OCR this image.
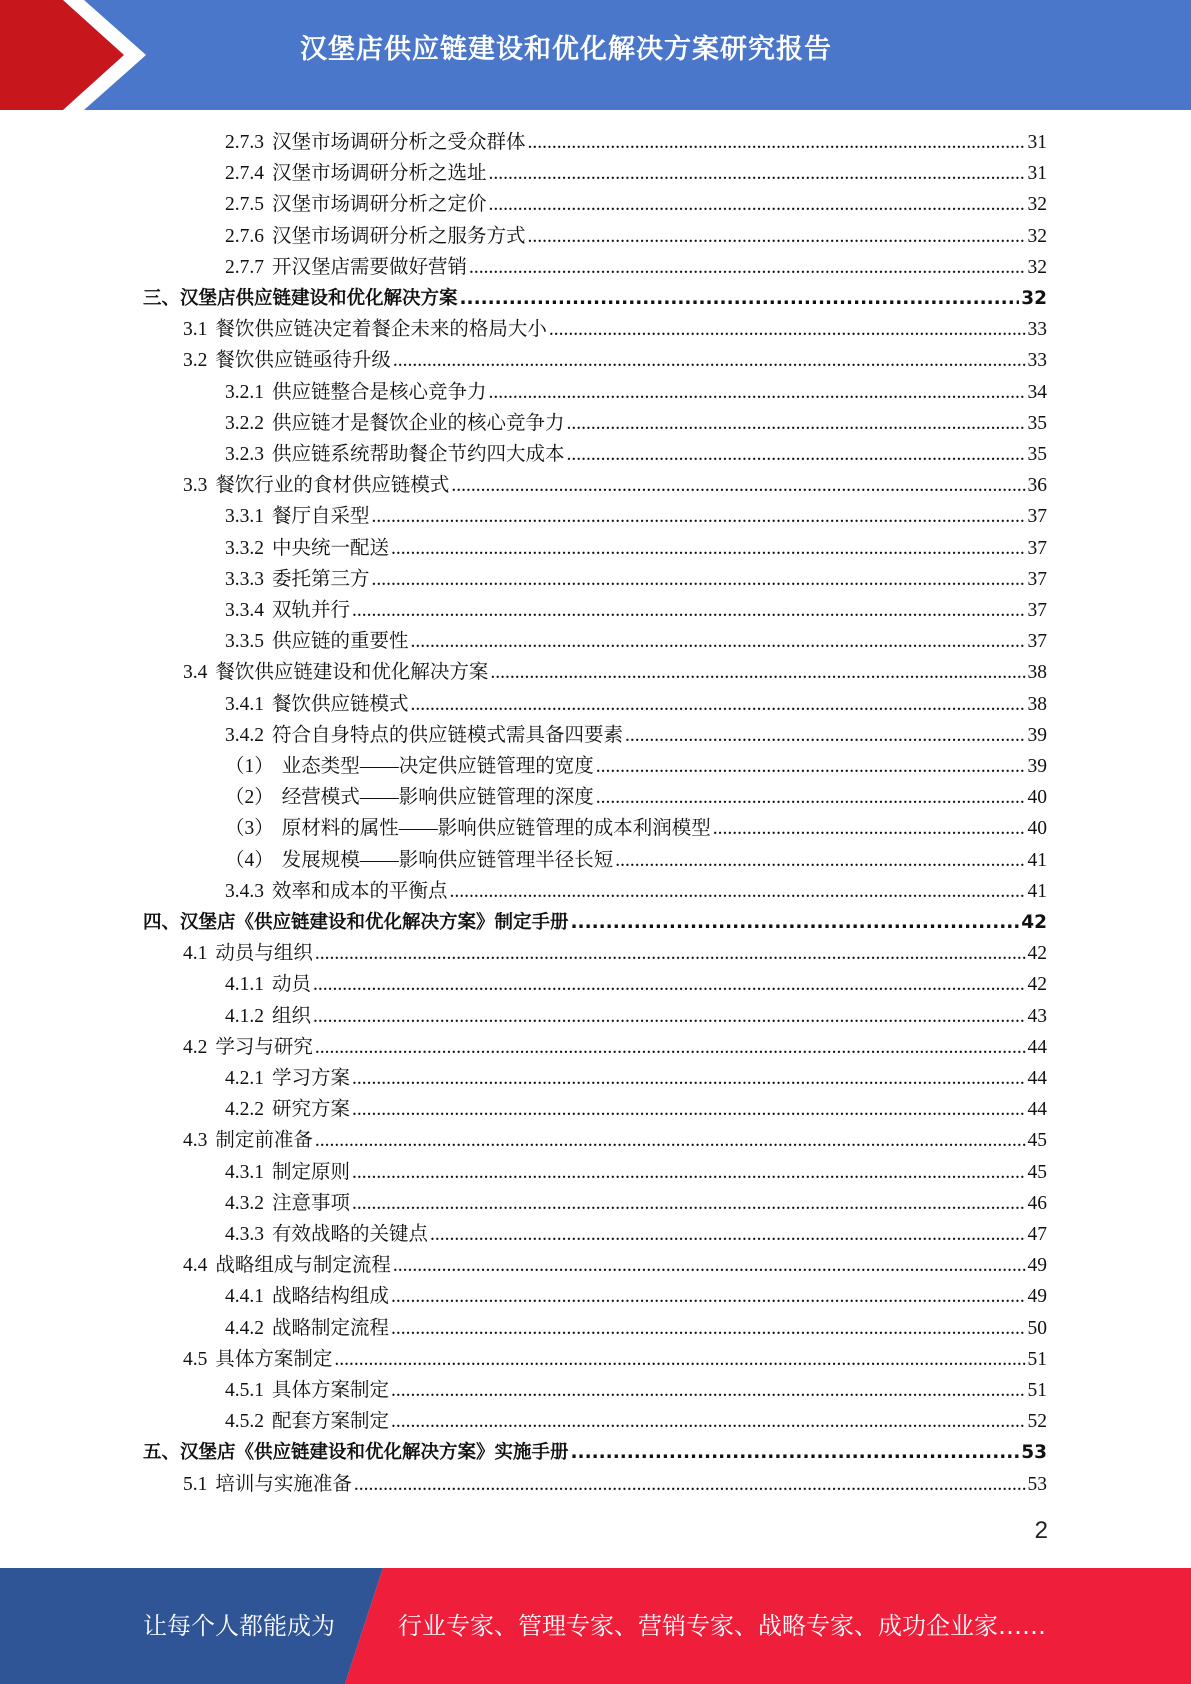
汉堡店供应链建设和优化解决方案研究报告
2.7.3 汉堡市场调研分析之受众群体 .....	31
2.7.4 汉堡市场调研分析之选址 .....	31
2.7.5 汉堡市场调研分析之定价 .....	32
2.7.6 汉堡市场调研分析之服务方式 .....	32
2.7.7 开汉堡店需要做好营销 .....	32
三、汉堡店供应链建设和优化解决方案 .....	32
3.1 餐饮供应链决定着餐企未来的格局大小 .....	33
3.2 餐饮供应链亟待升级 .....	33
3.2.1 供应链整合是核心竞争力 .....	34
3.2.2 供应链才是餐饮企业的核心竞争力 .....	35
3.2.3 供应链系统帮助餐企节约四大成本 .....	35
3.3 餐饮行业的食材供应链模式 .....	36
3.3.1 餐厅自采型 .....	37
3.3.2 中央统一配送 .....	37
3.3.3 委托第三方 .....	37
3.3.4 双轨并行 .....	37
3.3.5 供应链的重要性 .....	37
3.4 餐饮供应链建设和优化解决方案 .....	38
3.4.1 餐饮供应链模式 .....	38
3.4.2 符合自身特点的供应链模式需具备四要素 .....	39
（1） 业态类型——决定供应链管理的宽度 .....	39
（2） 经营模式——影响供应链管理的深度 .....	40
（3） 原材料的属性——影响供应链管理的成本利润模型 .....	40
（4） 发展规模——影响供应链管理半径长短 .....	41
3.4.3 效率和成本的平衡点 .....	41
四、汉堡店《供应链建设和优化解决方案》制定手册 .....	42
4.1 动员与组织 .....	42
4.1.1 动员 .....	42
4.1.2 组织 .....	43
4.2 学习与研究 .....	44
4.2.1 学习方案 .....	44
4.2.2 研究方案 .....	44
4.3 制定前准备 .....	45
4.3.1 制定原则 .....	45
4.3.2 注意事项 .....	46
4.3.3 有效战略的关键点 .....	47
4.4 战略组成与制定流程 .....	49
4.4.1 战略结构组成 .....	49
4.4.2 战略制定流程 .....	50
4.5 具体方案制定 .....	51
4.5.1 具体方案制定 .....	51
4.5.2 配套方案制定 .....	52
五、汉堡店《供应链建设和优化解决方案》实施手册 .....	53
5.1 培训与实施准备 .....	53
2
让每个人都能成为	行业专家、管理专家、营销专家、战略专家、成功企业家……
